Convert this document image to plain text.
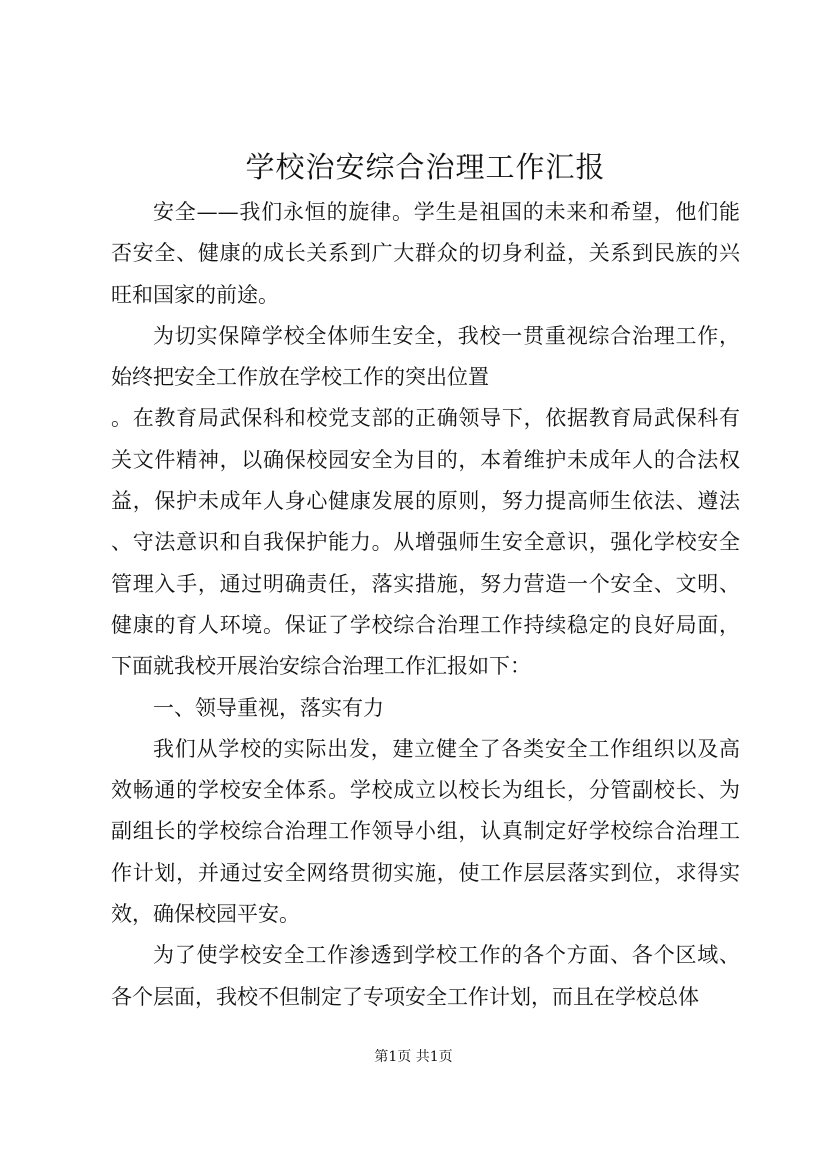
学校治安综合治理工作汇报

安全——我们永恒的旋律。学生是祖国的未来和希望，他们能否安全、健康的成长关系到广大群众的切身利益，关系到民族的兴旺和国家的前途。

为切实保障学校全体师生安全，我校一贯重视综合治理工作，始终把安全工作放在学校工作的突出位置

。在教育局武保科和校党支部的正确领导下，依据教育局武保科有关文件精神，以确保校园安全为目的，本着维护未成年人的合法权益，保护未成年人身心健康发展的原则，努力提高师生依法、遵法、守法意识和自我保护能力。从增强师生安全意识，强化学校安全管理入手，通过明确责任，落实措施，努力营造一个安全、文明、健康的育人环境。保证了学校综合治理工作持续稳定的良好局面，下面就我校开展治安综合治理工作汇报如下：

一、领导重视，落实有力

我们从学校的实际出发，建立健全了各类安全工作组织以及高效畅通的学校安全体系。学校成立以校长为组长，分管副校长、为副组长的学校综合治理工作领导小组，认真制定好学校综合治理工作计划，并通过安全网络贯彻实施，使工作层层落实到位，求得实效，确保校园平安。

为了使学校安全工作渗透到学校工作的各个方面、各个区域、各个层面，我校不但制定了专项安全工作计划，而且在学校总体

第1页 共1页
